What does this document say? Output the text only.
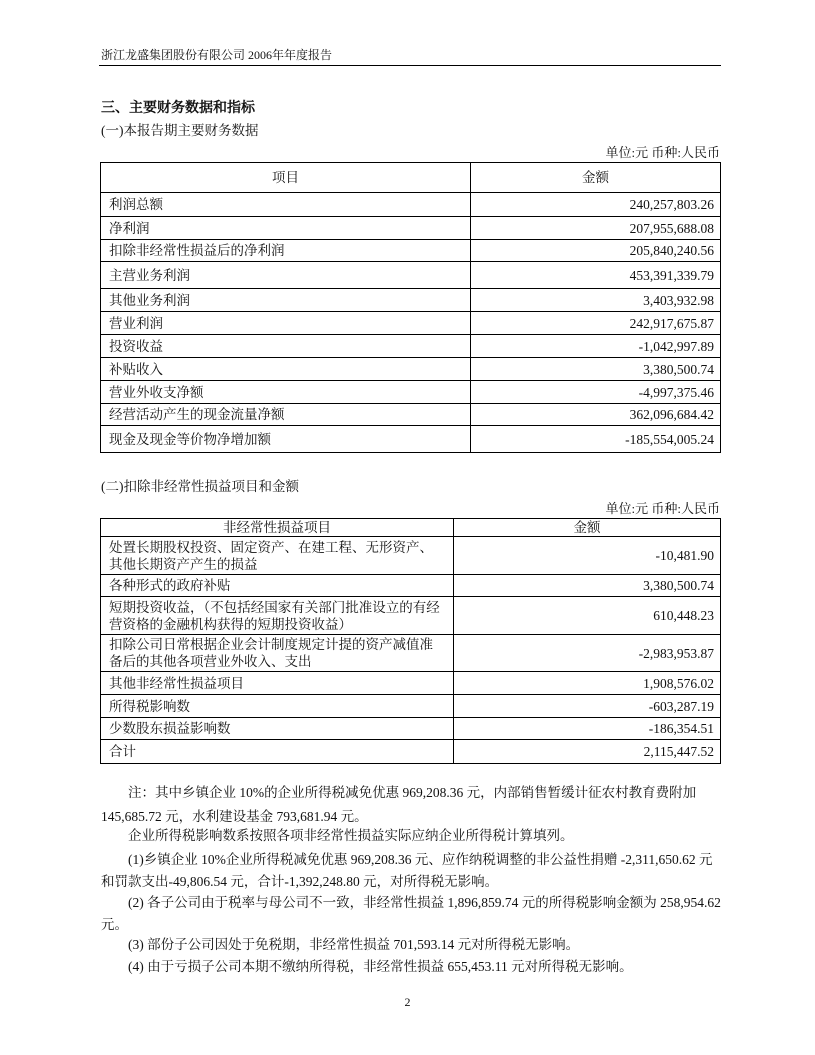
浙江龙盛集团股份有限公司 2006年年度报告
三、主要财务数据和指标
(一)本报告期主要财务数据
单位:元 币种:人民币
项目	金额
利润总额	240,257,803.26
净利润	207,955,688.08
扣除非经常性损益后的净利润	205,840,240.56
主营业务利润	453,391,339.79
其他业务利润	3,403,932.98
营业利润	242,917,675.87
投资收益	-1,042,997.89
补贴收入	3,380,500.74
营业外收支净额	-4,997,375.46
经营活动产生的现金流量净额	362,096,684.42
现金及现金等价物净增加额	-185,554,005.24
(二)扣除非经常性损益项目和金额
单位:元 币种:人民币
非经常性损益项目	金额
处置长期股权投资、固定资产、在建工程、无形资产、其他长期资产产生的损益	-10,481.90
各种形式的政府补贴	3,380,500.74
短期投资收益，（不包括经国家有关部门批准设立的有经营资格的金融机构获得的短期投资收益）	610,448.23
扣除公司日常根据企业会计制度规定计提的资产减值准备后的其他各项营业外收入、支出	-2,983,953.87
其他非经常性损益项目	1,908,576.02
所得税影响数	-603,287.19
少数股东损益影响数	-186,354.51
合计	2,115,447.52
注：其中乡镇企业 10%的企业所得税减免优惠 969,208.36 元，内部销售暂缓计征农村教育费附加 145,685.72 元，水利建设基金 793,681.94 元。
企业所得税影响数系按照各项非经常性损益实际应纳企业所得税计算填列。
(1)乡镇企业 10%企业所得税减免优惠 969,208.36 元、应作纳税调整的非公益性捐赠 -2,311,650.62 元和罚款支出-49,806.54 元，合计-1,392,248.80 元，对所得税无影响。
(2) 各子公司由于税率与母公司不一致，非经常性损益 1,896,859.74 元的所得税影响金额为 258,954.62 元。
(3) 部份子公司因处于免税期，非经常性损益 701,593.14 元对所得税无影响。
(4) 由于亏损子公司本期不缴纳所得税，非经常性损益 655,453.11 元对所得税无影响。
2
